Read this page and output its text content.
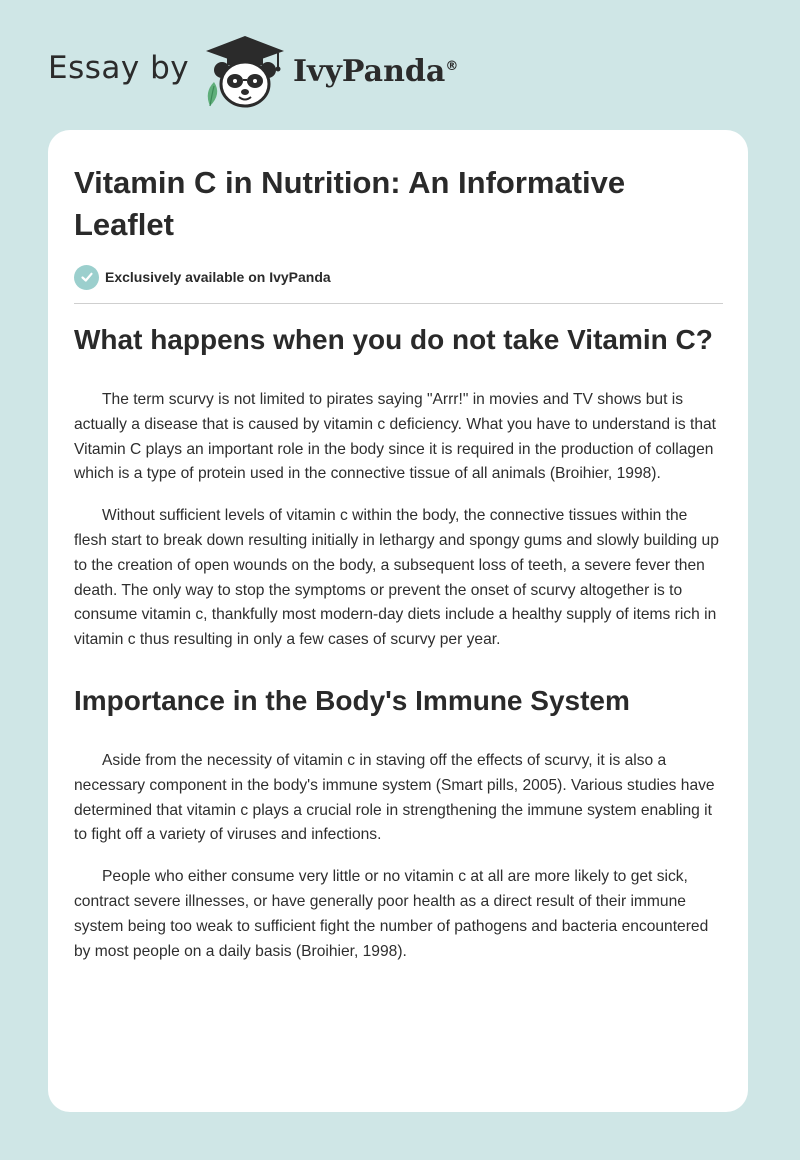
Essay by	IvyPanda®
Vitamin C in Nutrition: An Informative Leaflet
Exclusively available on IvyPanda
What happens when you do not take Vitamin C?

The term scurvy is not limited to pirates saying "Arrr!" in movies and TV shows but is actually a disease that is caused by vitamin c deficiency. What you have to understand is that Vitamin C plays an important role in the body since it is required in the production of collagen which is a type of protein used in the connective tissue of all animals (Broihier, 1998).

Without sufficient levels of vitamin c within the body, the connective tissues within the flesh start to break down resulting initially in lethargy and spongy gums and slowly building up to the creation of open wounds on the body, a subsequent loss of teeth, a severe fever then death. The only way to stop the symptoms or prevent the onset of scurvy altogether is to consume vitamin c, thankfully most modern-day diets include a healthy supply of items rich in vitamin c thus resulting in only a few cases of scurvy per year.

Importance in the Body's Immune System

Aside from the necessity of vitamin c in staving off the effects of scurvy, it is also a necessary component in the body's immune system (Smart pills, 2005). Various studies have determined that vitamin c plays a crucial role in strengthening the immune system enabling it to fight off a variety of viruses and infections.

People who either consume very little or no vitamin c at all are more likely to get sick, contract severe illnesses, or have generally poor health as a direct result of their immune system being too weak to sufficient fight the number of pathogens and bacteria encountered by most people on a daily basis (Broihier, 1998).
